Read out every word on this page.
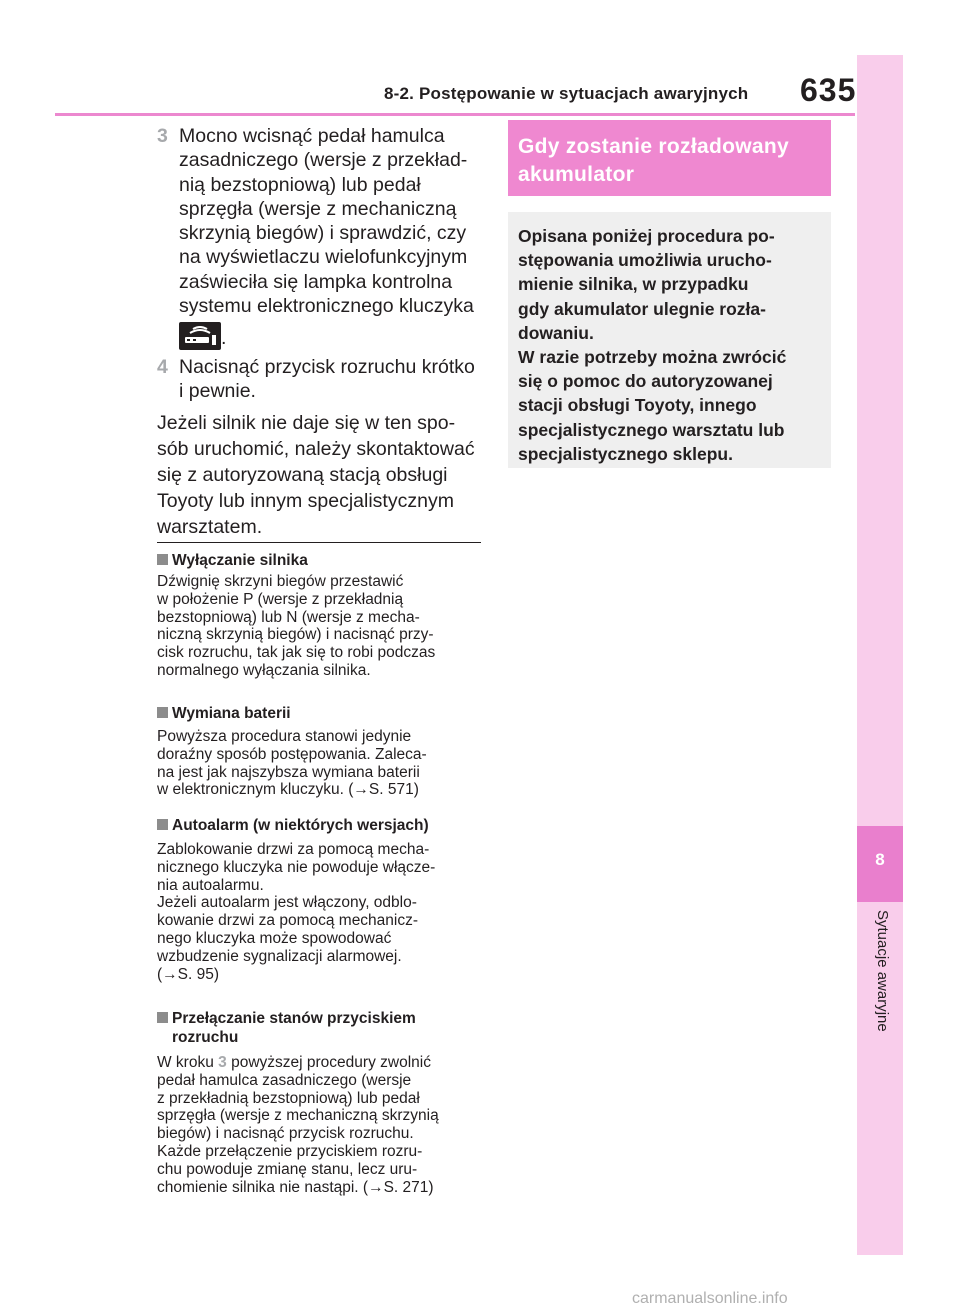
8-2. Postępowanie w sytuacjach awaryjnych 635
8
Sytuacje awaryjne
3 Mocno wcisnąć pedał hamulca
zasadniczego (wersje z przekład-
nią bezstopniową) lub pedał
sprzęgła (wersje z mechaniczną
skrzynią biegów) i sprawdzić, czy
na wyświetlaczu wielofunkcyjnym
zaświeciła się lampka kontrolna
systemu elektronicznego kluczyka
.
4 Nacisnąć przycisk rozruchu krótko
i pewnie.
Jeżeli silnik nie daje się w ten spo-
sób uruchomić, należy skontaktować
się z autoryzowaną stacją obsługi
Toyoty lub innym specjalistycznym
warsztatem.
Wyłączanie silnika
Dźwignię skrzyni biegów przestawić
w położenie P (wersje z przekładnią
bezstopniową) lub N (wersje z mecha-
niczną skrzynią biegów) i nacisnąć przy-
cisk rozruchu, tak jak się to robi podczas
normalnego wyłączania silnika.
Wymiana baterii
Powyższa procedura stanowi jedynie
doraźny sposób postępowania. Zaleca-
na jest jak najszybsza wymiana baterii
w elektronicznym kluczyku. (→S. 571)
Autoalarm (w niektórych wersjach)
Zablokowanie drzwi za pomocą mecha-
nicznego kluczyka nie powoduje włącze-
nia autoalarmu.
Jeżeli autoalarm jest włączony, odblo-
kowanie drzwi za pomocą mechanicz-
nego kluczyka może spowodować
wzbudzenie sygnalizacji alarmowej.
(→S. 95)
Przełączanie stanów przyciskiem
rozruchu
W kroku 3 powyższej procedury zwolnić
pedał hamulca zasadniczego (wersje
z przekładnią bezstopniową) lub pedał
sprzęgła (wersje z mechaniczną skrzynią
biegów) i nacisnąć przycisk rozruchu.
Każde przełączenie przyciskiem rozru-
chu powoduje zmianę stanu, lecz uru-
chomienie silnika nie nastąpi. (→S. 271)
Gdy zostanie rozładowany
akumulator
Opisana poniżej procedura po-
stępowania umożliwia urucho-
mienie silnika, w przypadku
gdy akumulator ulegnie rozła-
dowaniu.
W razie potrzeby można zwrócić
się o pomoc do autoryzowanej
stacji obsługi Toyoty, innego
specjalistycznego warsztatu lub
specjalistycznego sklepu.
carmanualsonline.info
